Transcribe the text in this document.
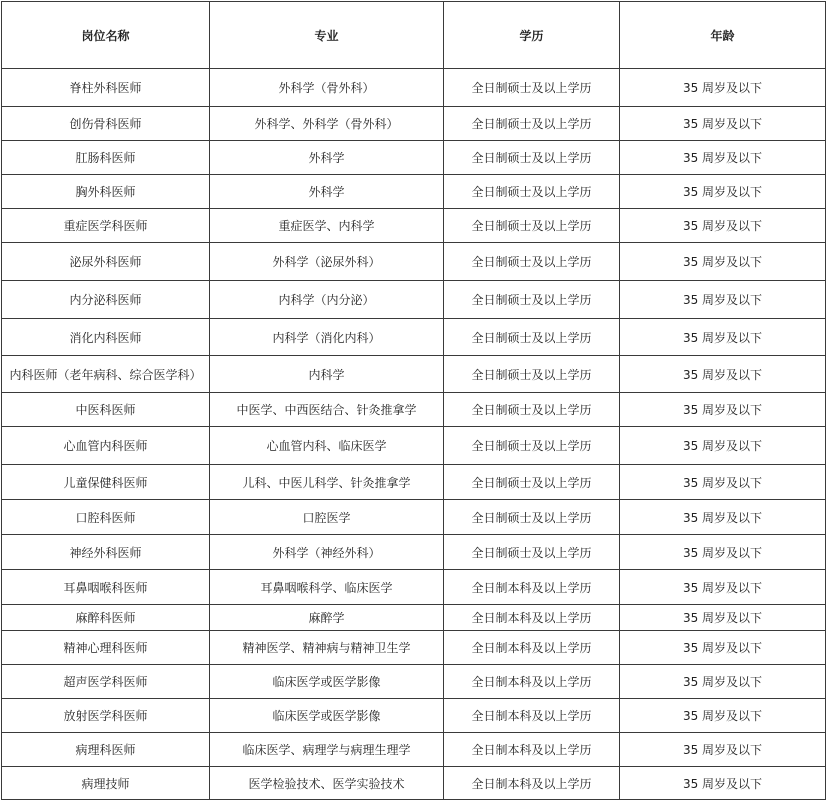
岗位名称	专业	学历	年龄
脊柱外科医师	外科学（骨外科）	全日制硕士及以上学历	35 周岁及以下
创伤骨科医师	外科学、外科学（骨外科）	全日制硕士及以上学历	35 周岁及以下
肛肠科医师	外科学	全日制硕士及以上学历	35 周岁及以下
胸外科医师	外科学	全日制硕士及以上学历	35 周岁及以下
重症医学科医师	重症医学、内科学	全日制硕士及以上学历	35 周岁及以下
泌尿外科医师	外科学（泌尿外科）	全日制硕士及以上学历	35 周岁及以下
内分泌科医师	内科学（内分泌）	全日制硕士及以上学历	35 周岁及以下
消化内科医师	内科学（消化内科）	全日制硕士及以上学历	35 周岁及以下
内科医师（老年病科、综合医学科）	内科学	全日制硕士及以上学历	35 周岁及以下
中医科医师	中医学、中西医结合、针灸推拿学	全日制硕士及以上学历	35 周岁及以下
心血管内科医师	心血管内科、临床医学	全日制硕士及以上学历	35 周岁及以下
儿童保健科医师	儿科、中医儿科学、针灸推拿学	全日制硕士及以上学历	35 周岁及以下
口腔科医师	口腔医学	全日制硕士及以上学历	35 周岁及以下
神经外科医师	外科学（神经外科）	全日制硕士及以上学历	35 周岁及以下
耳鼻咽喉科医师	耳鼻咽喉科学、临床医学	全日制本科及以上学历	35 周岁及以下
麻醉科医师	麻醉学	全日制本科及以上学历	35 周岁及以下
精神心理科医师	精神医学、精神病与精神卫生学	全日制本科及以上学历	35 周岁及以下
超声医学科医师	临床医学或医学影像	全日制本科及以上学历	35 周岁及以下
放射医学科医师	临床医学或医学影像	全日制本科及以上学历	35 周岁及以下
病理科医师	临床医学、病理学与病理生理学	全日制本科及以上学历	35 周岁及以下
病理技师	医学检验技术、医学实验技术	全日制本科及以上学历	35 周岁及以下
